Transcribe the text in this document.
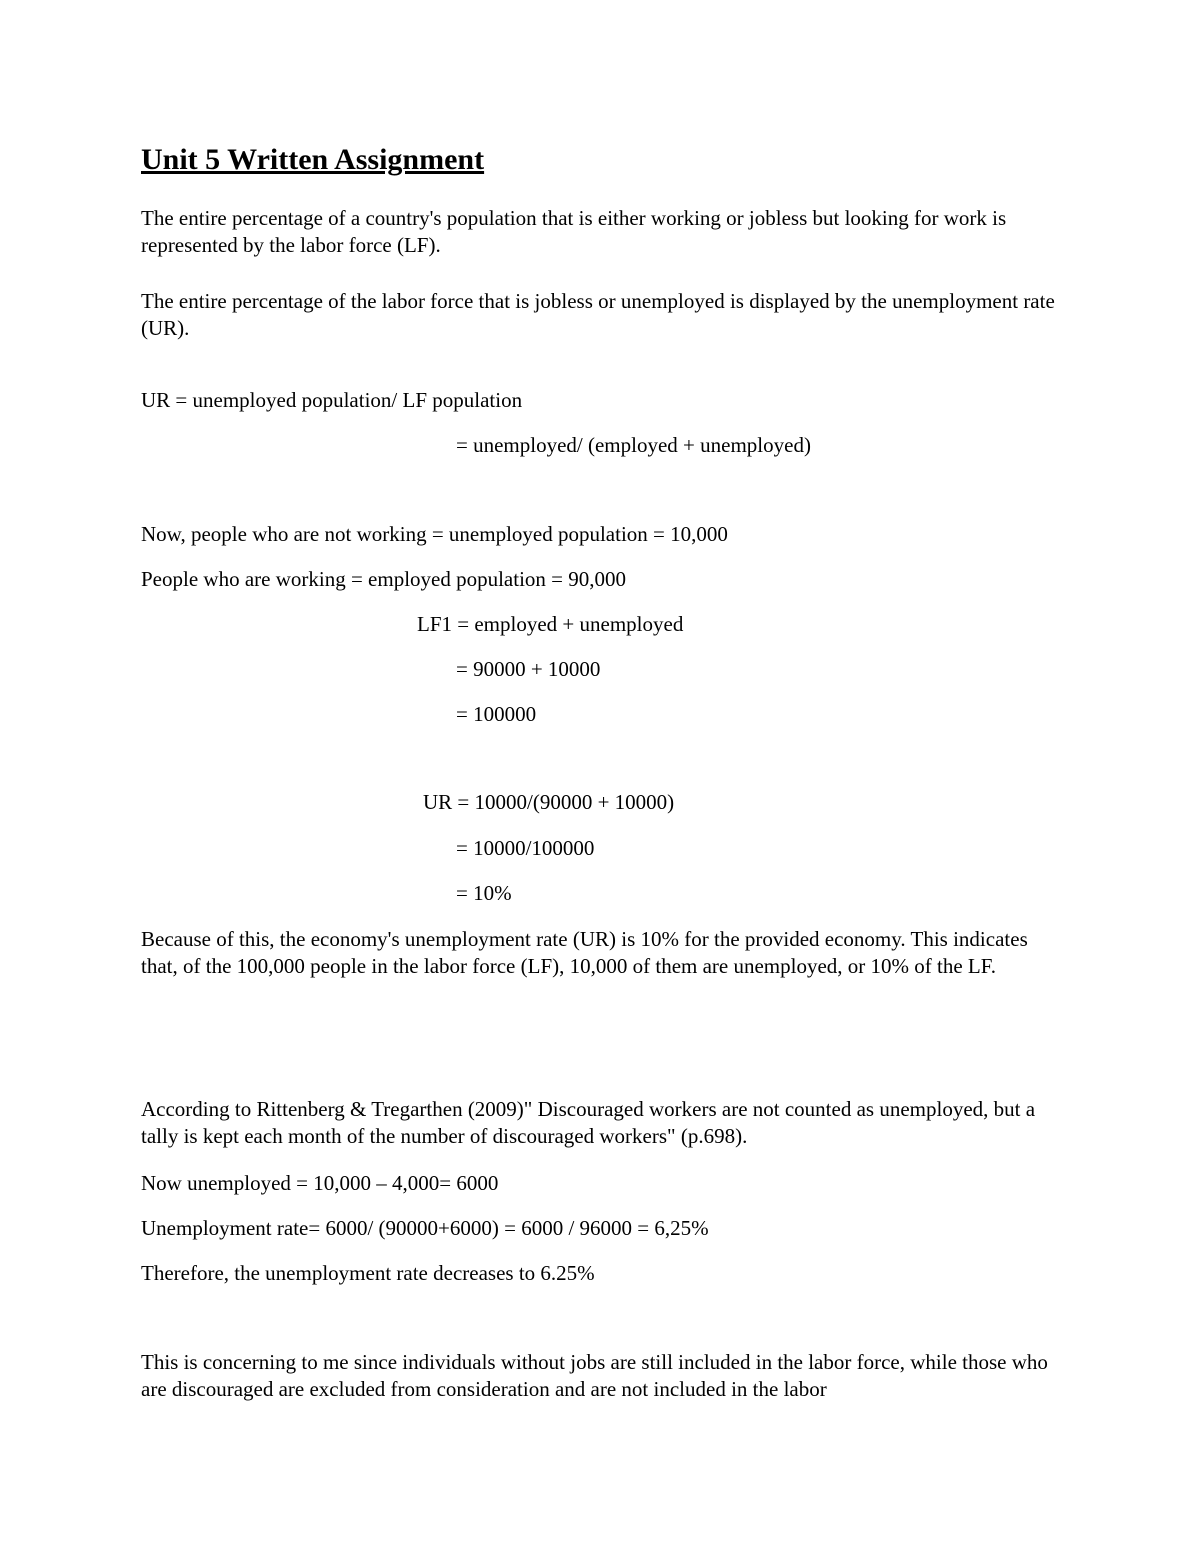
Unit 5 Written Assignment

The entire percentage of a country's population that is either working or jobless but looking for work is represented by the labor force (LF).

The entire percentage of the labor force that is jobless or unemployed is displayed by the unemployment rate (UR).

UR = unemployed population/ LF population

= unemployed/ (employed + unemployed)

Now, people who are not working = unemployed population = 10,000

People who are working = employed population = 90,000

LF1 = employed + unemployed

= 90000 + 10000

= 100000

UR = 10000/(90000 + 10000)

= 10000/100000

= 10%

Because of this, the economy's unemployment rate (UR) is 10% for the provided economy. This indicates that, of the 100,000 people in the labor force (LF), 10,000 of them are unemployed, or 10% of the LF.

According to Rittenberg & Tregarthen (2009)" Discouraged workers are not counted as unemployed, but a tally is kept each month of the number of discouraged workers" (p.698).

Now unemployed = 10,000 – 4,000= 6000

Unemployment rate= 6000/ (90000+6000) = 6000 / 96000 = 6,25%

Therefore, the unemployment rate decreases to 6.25%

This is concerning to me since individuals without jobs are still included in the labor force, while those who are discouraged are excluded from consideration and are not included in the labor
